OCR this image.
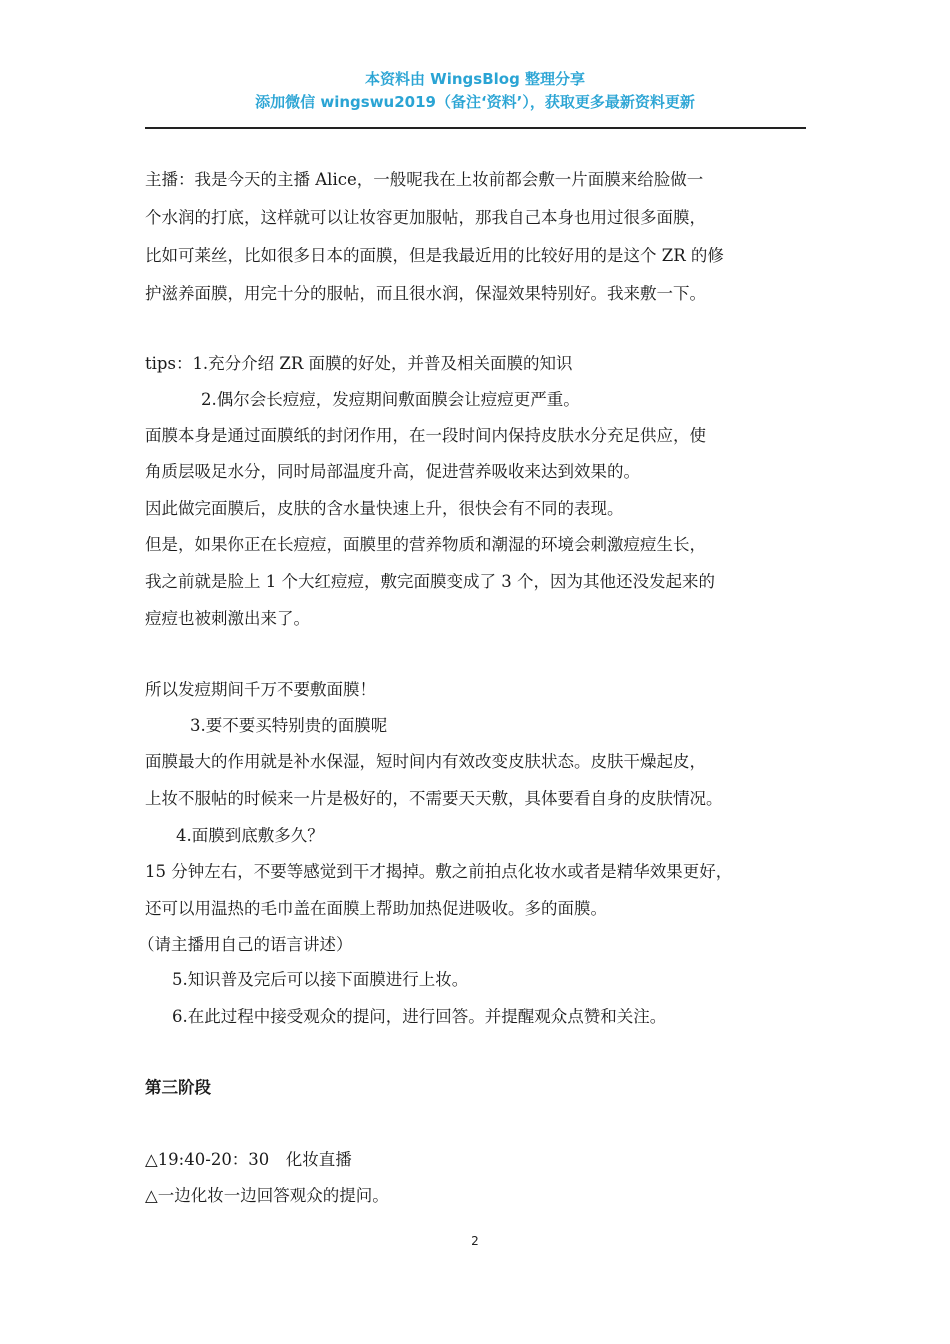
本资料由 WingsBlog 整理分享
添加微信 wingswu2019（备注‘资料’），获取更多最新资料更新
主播：我是今天的主播 Alice，一般呢我在上妆前都会敷一片面膜来给脸做一
个水润的打底，这样就可以让妆容更加服帖，那我自己本身也用过很多面膜，
比如可莱丝，比如很多日本的面膜，但是我最近用的比较好用的是这个 ZR 的修
护滋养面膜，用完十分的服帖，而且很水润，保湿效果特别好。我来敷一下。
tips：1.充分介绍 ZR 面膜的好处，并普及相关面膜的知识
2.偶尔会长痘痘，发痘期间敷面膜会让痘痘更严重。
面膜本身是通过面膜纸的封闭作用，在一段时间内保持皮肤水分充足供应，使
角质层吸足水分，同时局部温度升高，促进营养吸收来达到效果的。
因此做完面膜后，皮肤的含水量快速上升，很快会有不同的表现。
但是，如果你正在长痘痘，面膜里的营养物质和潮湿的环境会刺激痘痘生长，
我之前就是脸上 1 个大红痘痘，敷完面膜变成了 3 个，因为其他还没发起来的
痘痘也被刺激出来了。
所以发痘期间千万不要敷面膜！
3.要不要买特别贵的面膜呢
面膜最大的作用就是补水保湿，短时间内有效改变皮肤状态。皮肤干燥起皮，
上妆不服帖的时候来一片是极好的，不需要天天敷，具体要看自身的皮肤情况。
4.面膜到底敷多久？
15 分钟左右，不要等感觉到干才揭掉。敷之前拍点化妆水或者是精华效果更好，
还可以用温热的毛巾盖在面膜上帮助加热促进吸收。多的面膜。
（请主播用自己的语言讲述）
5.知识普及完后可以接下面膜进行上妆。
6.在此过程中接受观众的提问，进行回答。并提醒观众点赞和关注。
第三阶段
△19:40-20：30　化妆直播
△一边化妆一边回答观众的提问。
2
